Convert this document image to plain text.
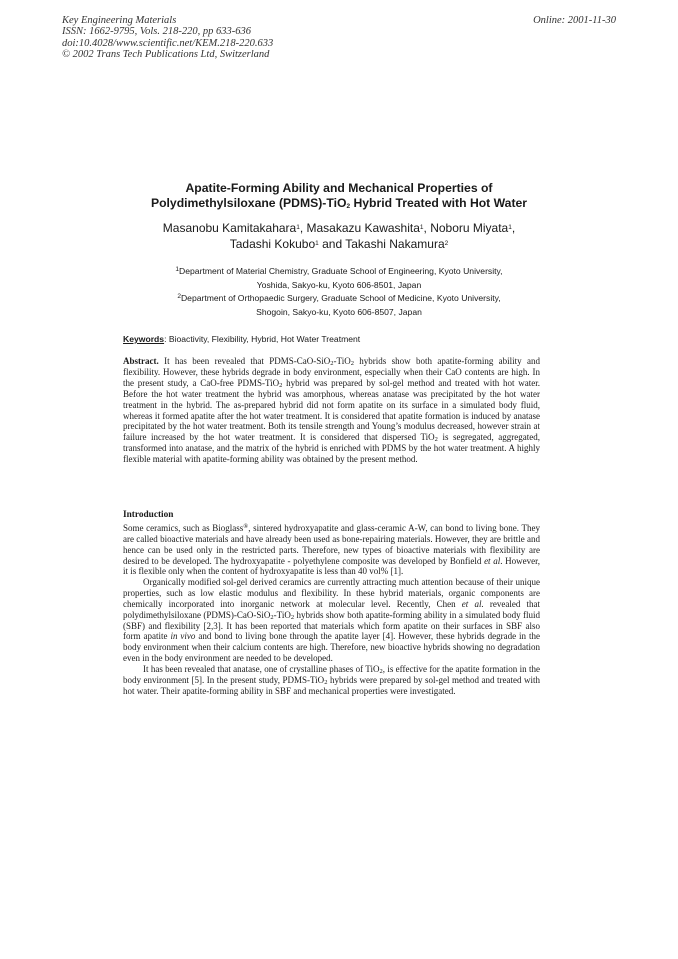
Key Engineering Materials
ISSN: 1662-9795, Vols. 218-220, pp 633-636
doi:10.4028/www.scientific.net/KEM.218-220.633
© 2002 Trans Tech Publications Ltd, Switzerland
Online: 2001-11-30
Apatite-Forming Ability and Mechanical Properties of
Polydimethylsiloxane (PDMS)-TiO$_2$ Hybrid Treated with Hot Water
Masanobu Kamitakahara$^1$, Masakazu Kawashita$^1$, Noboru Miyata$^1$,
Tadashi Kokubo$^1$ and Takashi Nakamura$^2$
$^1$Department of Material Chemistry, Graduate School of Engineering, Kyoto University,
Yoshida, Sakyo-ku, Kyoto 606-8501, Japan
$^2$Department of Orthopaedic Surgery, Graduate School of Medicine, Kyoto University,
Shogoin, Sakyo-ku, Kyoto 606-8507, Japan
Keywords: Bioactivity, Flexibility, Hybrid, Hot Water Treatment
Abstract. It has been revealed that PDMS-CaO-SiO$_2$-TiO$_2$ hybrids show both apatite-forming ability and flexibility. However, these hybrids degrade in body environment, especially when their CaO contents are high. In the present study, a CaO-free PDMS-TiO$_2$ hybrid was prepared by sol-gel method and treated with hot water. Before the hot water treatment the hybrid was amorphous, whereas anatase was precipitated by the hot water treatment in the hybrid. The as-prepared hybrid did not form apatite on its surface in a simulated body fluid, whereas it formed apatite after the hot water treatment. It is considered that apatite formation is induced by anatase precipitated by the hot water treatment. Both its tensile strength and Young’s modulus decreased, however strain at failure increased by the hot water treatment. It is considered that dispersed TiO$_2$ is segregated, aggregated, transformed into anatase, and the matrix of the hybrid is enriched with PDMS by the hot water treatment. A highly flexible material with apatite-forming ability was obtained by the present method.
Introduction

Some ceramics, such as Bioglass®, sintered hydroxyapatite and glass-ceramic A-W, can bond to living bone. They are called bioactive materials and have already been used as bone-repairing materials. However, they are brittle and hence can be used only in the restricted parts. Therefore, new types of bioactive materials with flexibility are desired to be developed. The hydroxyapatite - polyethylene composite was developed by Bonfield et al. However, it is flexible only when the content of hydroxyapatite is less than 40 vol% [1].

Organically modified sol-gel derived ceramics are currently attracting much attention because of their unique properties, such as low elastic modulus and flexibility. In these hybrid materials, organic components are chemically incorporated into inorganic network at molecular level. Recently, Chen et al. revealed that polydimethylsiloxane (PDMS)-CaO-SiO$_2$-TiO$_2$ hybrids show both apatite-forming ability in a simulated body fluid (SBF) and flexibility [2,3]. It has been reported that materials which form apatite on their surfaces in SBF also form apatite in vivo and bond to living bone through the apatite layer [4]. However, these hybrids degrade in the body environment when their calcium contents are high. Therefore, new bioactive hybrids showing no degradation even in the body environment are needed to be developed.

It has been revealed that anatase, one of crystalline phases of TiO$_2$, is effective for the apatite formation in the body environment [5]. In the present study, PDMS-TiO$_2$ hybrids were prepared by sol-gel method and treated with hot water. Their apatite-forming ability in SBF and mechanical properties were investigated.
